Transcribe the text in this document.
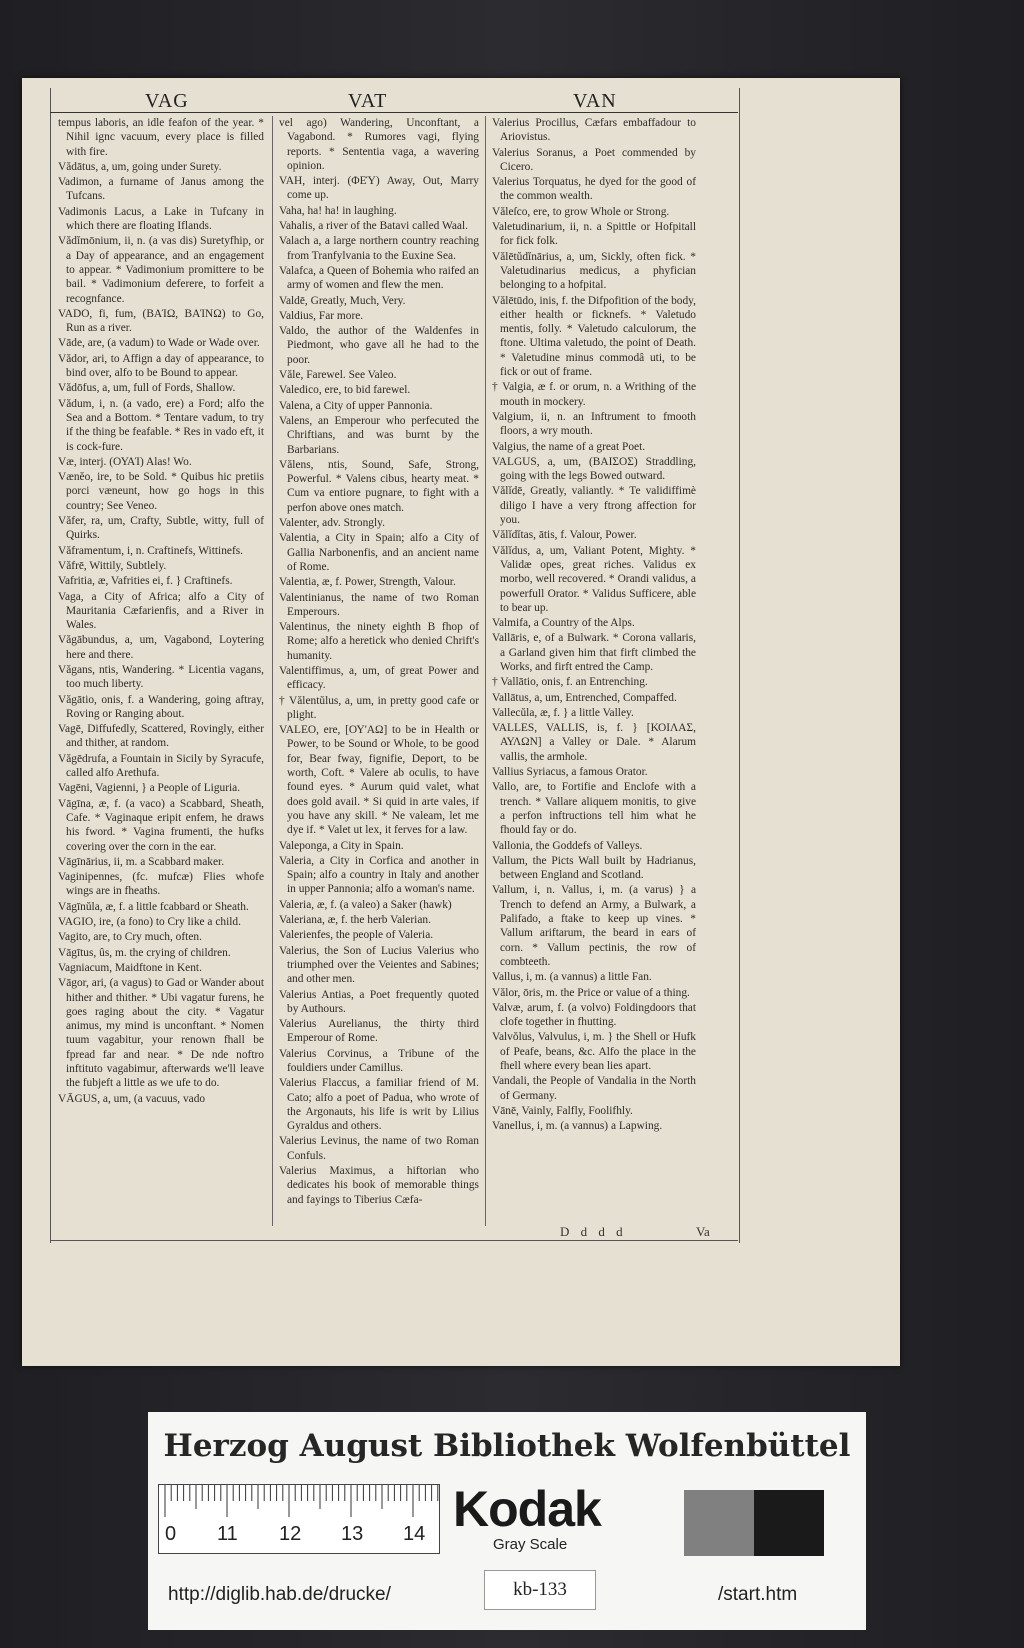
VAG	VAT	VAN

tempus laboris, an idle feafon of the year. * Nihil ignc vacuum, every place is filled with fire.

Vădātus, a, um, going under Surety.

Vadimon, a furname of Janus among the Tufcans.

Vadimonis Lacus, a Lake in Tufcany in which there are floating Iflands.

Vădĭmōnium, ii, n. (a vas dis) Suretyfhip, or a Day of appearance, and an engagement to appear. * Vadimonium promittere to be bail. * Vadimonium deferere, to forfeit a recognfance.

VADO, fi, fum, (ΒΑΊΩ, ΒΑΊΝΩ) to Go, Run as a river.

Vāde, are, (a vadum) to Wade or Wade over.

Vădor, ari, to Affign a day of appearance, to bind over, alfo to be Bound to appear.

Vădōfus, a, um, full of Fords, Shallow.

Vădum, i, n. (a vado, ere) a Ford; alfo the Sea and a Bottom. * Tentare vadum, to try if the thing be feafable. * Res in vado eft, it is cock-fure.

Væ, interj. (ΟΥΑΊ) Alas! Wo.

Vænĕo, ire, to be Sold. * Quibus hic pretiis porci væneunt, how go hogs in this country; See Veneo.

Văfer, ra, um, Crafty, Subtle, witty, full of Quirks.

Văframentum, i, n. Craftinefs, Wittinefs.

Văfrē, Wittily, Subtlely.

Vafritia, æ, Vafrities ei, f. } Craftinefs.

Vaga, a City of Africa; alfo a City of Mauritania Cæfarienfis, and a River in Wales.

Văgābundus, a, um, Vagabond, Loytering here and there.

Văgans, ntis, Wandering. * Licentia vagans, too much liberty.

Văgātio, onis, f. a Wandering, going aftray, Roving or Ranging about.

Vagē, Diffufedly, Scattered, Rovingly, either and thither, at random.

Văgēdrufa, a Fountain in Sicily by Syracufe, called alfo Arethufa.

Vagēni, Vagienni, } a People of Liguria.

Vāgīna, æ, f. (a vaco) a Scabbard, Sheath, Cafe. * Vaginaque eripit enfem, he draws his fword. * Vagina frumenti, the hufks covering over the corn in the ear.

Vāgīnārius, ii, m. a Scabbard maker.

Vaginipennes, (fc. mufcæ) Flies whofe wings are in fheaths.

Vāgīnŭla, æ, f. a little fcabbard or Sheath.

VAGIO, ire, (a fono) to Cry like a child.

Vagito, are, to Cry much, often.

Vāgītus, ûs, m. the crying of children.

Vagniacum, Maidftone in Kent.

Vāgor, ari, (a vagus) to Gad or Wander about hither and thither. * Ubi vagatur furens, he goes raging about the city. * Vagatur animus, my mind is unconftant. * Nomen tuum vagabitur, your renown fhall be fpread far and near. * De nde noftro inftituto vagabimur, afterwards we'll leave the fubjeft a little as we ufe to do.

VĀGUS, a, um, (a vacuus, vado

vel ago) Wandering, Unconftant, a Vagabond. * Rumores vagi, flying reports. * Sententia vaga, a wavering opinion.

VAH, interj. (ΦΕΎ) Away, Out, Marry come up.

Vaha, ha! ha! in laughing.

Vahalis, a river of the Batavi called Waal.

Valach a, a large northern country reaching from Tranfylvania to the Euxine Sea.

Valafca, a Queen of Bohemia who raifed an army of women and flew the men.

Valdē, Greatly, Much, Very.

Valdius, Far more.

Valdo, the author of the Waldenfes in Piedmont, who gave all he had to the poor.

Văle, Farewel. See Valeo.

Valedico, ere, to bid farewel.

Valena, a City of upper Pannonia.

Valens, an Emperour who perfecuted the Chriftians, and was burnt by the Barbarians.

Vălens, ntis, Sound, Safe, Strong, Powerful. * Valens cibus, hearty meat. * Cum va entiore pugnare, to fight with a perfon above ones match.

Valenter, adv. Strongly.

Valentia, a City in Spain; alfo a City of Gallia Narbonenfis, and an ancient name of Rome.

Valentia, æ, f. Power, Strength, Valour.

Valentinianus, the name of two Roman Emperours.

Valentinus, the ninety eighth B fhop of Rome; alfo a heretick who denied Chrift's humanity.

Valentiffimus, a, um, of great Power and efficacy.

† Vălentŭlus, a, um, in pretty good cafe or plight.

VALEO, ere, [ΟΥ'ΑΩ] to be in Health or Power, to be Sound or Whole, to be good for, Bear fway, fignifie, Deport, to be worth, Coft. * Valere ab oculis, to have found eyes. * Aurum quid valet, what does gold avail. * Si quid in arte vales, if you have any skill. * Ne valeam, let me dye if. * Valet ut lex, it ferves for a law.

Valeponga, a City in Spain.

Valeria, a City in Corfica and another in Spain; alfo a country in Italy and another in upper Pannonia; alfo a woman's name.

Valeria, æ, f. (a valeo) a Saker (hawk)

Valeriana, æ, f. the herb Valerian.

Valerienfes, the people of Valeria.

Valerius, the Son of Lucius Valerius who triumphed over the Veientes and Sabines; and other men.

Valerius Antias, a Poet frequently quoted by Authours.

Valerius Aurelianus, the thirty third Emperour of Rome.

Valerius Corvinus, a Tribune of the fouldiers under Camillus.

Valerius Flaccus, a familiar friend of M. Cato; alfo a poet of Padua, who wrote of the Argonauts, his life is writ by Lilius Gyraldus and others.

Valerius Levinus, the name of two Roman Confuls.

Valerius Maximus, a hiftorian who dedicates his book of memorable things and fayings to Tiberius Cæfa-

Valerius Procillus, Cæfars embaffadour to Ariovistus.

Valerius Soranus, a Poet commended by Cicero.

Valerius Torquatus, he dyed for the good of the common wealth.

Văleſco, ere, to grow Whole or Strong.

Valetudinarium, ii, n. a Spittle or Hofpitall for fick folk.

Vălētŭdĭnārius, a, um, Sickly, often fick. * Valetudinarius medicus, a phyfician belonging to a hofpital.

Vălētūdo, inis, f. the Difpofition of the body, either health or ficknefs. * Valetudo mentis, folly. * Valetudo calculorum, the ftone. Ultima valetudo, the point of Death. * Valetudine minus commodâ uti, to be fick or out of frame.

† Valgia, æ f. or orum, n. a Writhing of the mouth in mockery.

Valgium, ii, n. an Inftrument to fmooth floors, a wry mouth.

Valgius, the name of a great Poet.

VALGUS, a, um, (ΒΑΙΣΟΣ) Straddling, going with the legs Bowed outward.

Vălĭdē, Greatly, valiantly. * Te validiffimè diligo I have a very ftrong affection for you.

Vălĭdĭtas, ātis, f. Valour, Power.

Vălĭdus, a, um, Valiant Potent, Mighty. * Validæ opes, great riches. Validus ex morbo, well recovered. * Orandi validus, a powerfull Orator. * Validus Sufficere, able to bear up.

Valmifa, a Country of the Alps.

Vallāris, e, of a Bulwark. * Corona vallaris, a Garland given him that firft climbed the Works, and firft entred the Camp.

† Vallātio, onis, f. an Entrenching.

Vallātus, a, um, Entrenched, Compaffed.

Vallecŭla, æ, f. } a little Valley.

VALLES, VALLIS, is, f. } [ΚΟΙΛΑΣ, ΑΥΛΩΝ] a Valley or Dale. * Alarum vallis, the armhole.

Vallius Syriacus, a famous Orator.

Vallo, are, to Fortifie and Enclofe with a trench. * Vallare aliquem monitis, to give a perfon inftructions tell him what he fhould fay or do.

Vallonia, the Goddefs of Valleys.

Vallum, the Picts Wall built by Hadrianus, between England and Scotland.

Vallum, i, n. Vallus, i, m. (a varus) } a Trench to defend an Army, a Bulwark, a Palifado, a ftake to keep up vines. * Vallum ariftarum, the beard in ears of corn. * Vallum pectinis, the row of combteeth.

Vallus, i, m. (a vannus) a little Fan.

Vălor, ōris, m. the Price or value of a thing.

Valvæ, arum, f. (a volvo) Foldingdoors that clofe together in fhutting.

Valvŏlus, Valvulus, i, m. } the Shell or Hufk of Peafe, beans, &c. Alfo the place in the fhell where every bean lies apart.

Vandali, the People of Vandalia in the North of Germany.

Vānē, Vainly, Falfly, Foolifhly.

Vanellus, i, m. (a vannus) a Lapwing.

D d d d	Va
Herzog August Bibliothek Wolfenbüttel
0 11 12 13 14 Kodak
Gray Scale
http://diglib.hab.de/drucke/	kb-133	/start.htm
